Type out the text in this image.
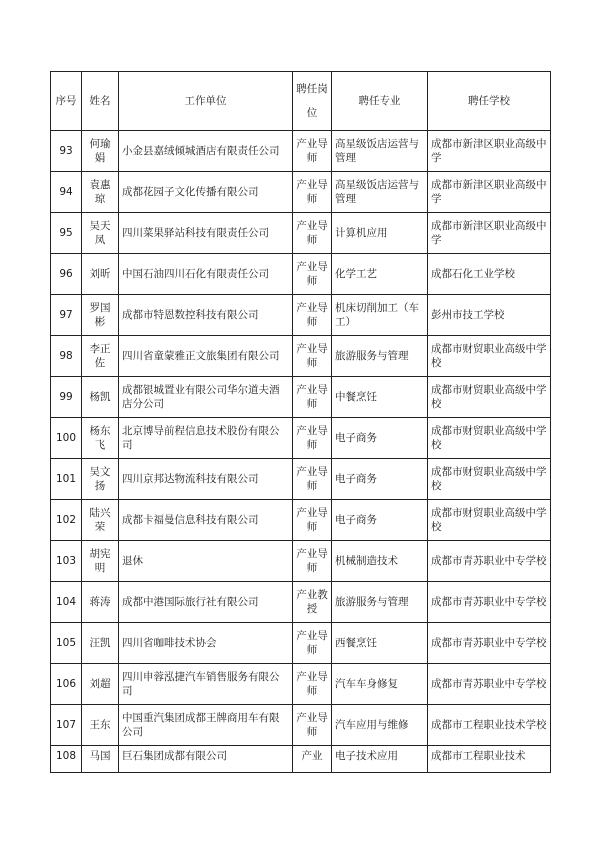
序号	姓名	工作单位	聘任岗位	聘任专业	聘任学校
93	何瑜娟	小金县嘉绒倾城酒店有限责任公司	产业导师	高星级饭店运营与管理	成都市新津区职业高级中学
94	袁惠琼	成都花园子文化传播有限公司	产业导师	高星级饭店运营与管理	成都市新津区职业高级中学
95	吴天凤	四川菜果驿站科技有限责任公司	产业导师	计算机应用	成都市新津区职业高级中学
96	刘昕	中国石油四川石化有限责任公司	产业导师	化学工艺	成都石化工业学校
97	罗国彬	成都市特恩数控科技有限公司	产业导师	机床切削加工（车工）	彭州市技工学校
98	李正佐	四川省童蒙雅正文旅集团有限公司	产业导师	旅游服务与管理	成都市财贸职业高级中学校
99	杨凯	成都银城置业有限公司华尔道夫酒店分公司	产业导师	中餐烹饪	成都市财贸职业高级中学校
100	杨东飞	北京博导前程信息技术股份有限公司	产业导师	电子商务	成都市财贸职业高级中学校
101	吴文扬	四川京邦达物流科技有限公司	产业导师	电子商务	成都市财贸职业高级中学校
102	陆兴荣	成都卡福曼信息科技有限公司	产业导师	电子商务	成都市财贸职业高级中学校
103	胡宪明	退休	产业导师	机械制造技术	成都市青苏职业中专学校
104	蒋涛	成都中港国际旅行社有限公司	产业教授	旅游服务与管理	成都市青苏职业中专学校
105	汪凯	四川省咖啡技术协会	产业导师	西餐烹饪	成都市青苏职业中专学校
106	刘超	四川申蓉泓捷汽车销售服务有限公司	产业导师	汽车车身修复	成都市青苏职业中专学校
107	王东	中国重汽集团成都王牌商用车有限公司	产业导师	汽车应用与维修	成都市工程职业技术学校
108	马国	巨石集团成都有限公司	产业	电子技术应用	成都市工程职业技术
